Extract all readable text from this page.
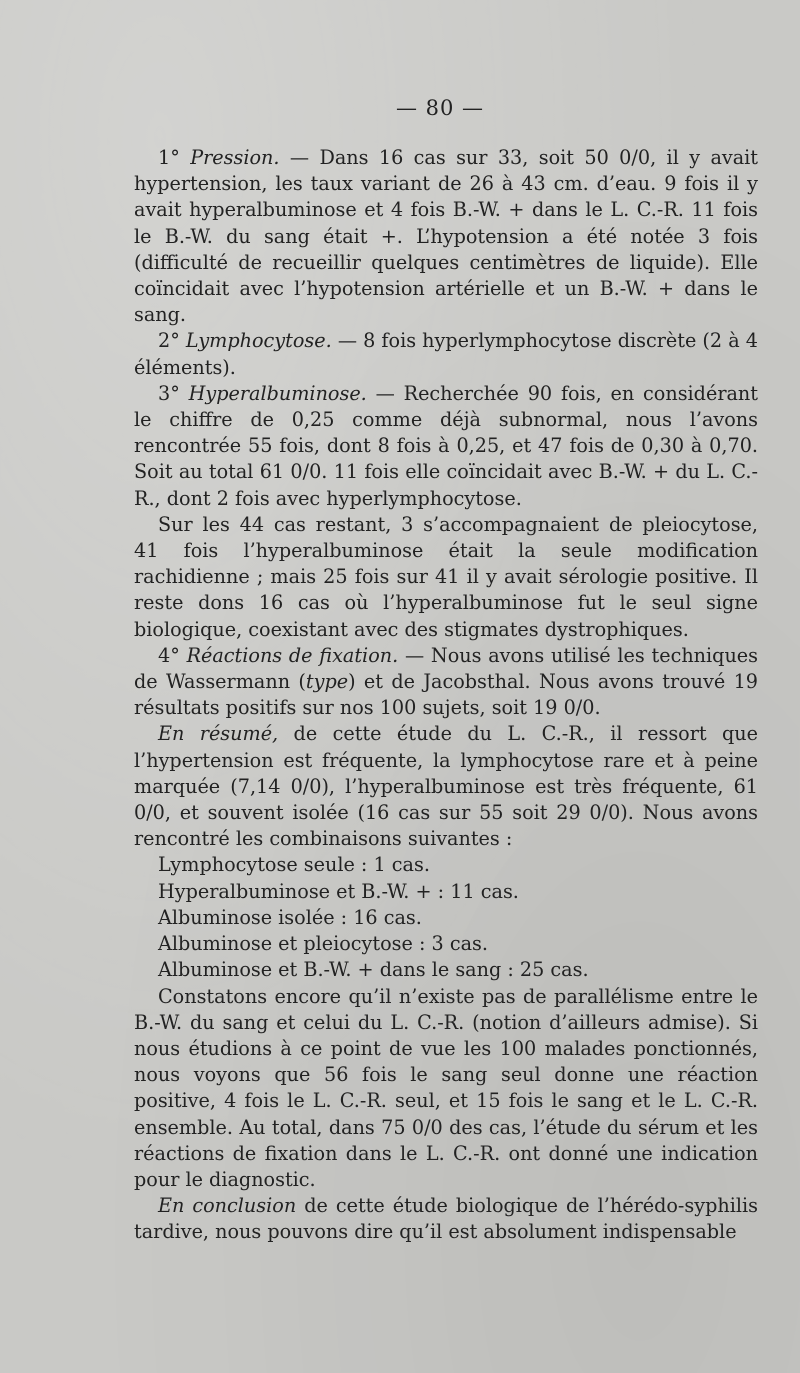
— 80 —

1° Pression. — Dans 16 cas sur 33, soit 50 0/0, il y avait hypertension, les taux variant de 26 à 43 cm. d’eau. 9 fois il y avait hyperalbuminose et 4 fois B.-W. + dans le L. C.-R. 11 fois le B.-W. du sang était +. L’hypotension a été notée 3 fois (difficulté de recueillir quelques centimètres de liquide). Elle coïncidait avec l’hypotension artérielle et un B.-W. + dans le sang.

2° Lymphocytose. — 8 fois hyperlymphocytose discrète (2 à 4 éléments).

3° Hyperalbuminose. — Recherchée 90 fois, en considérant le chiffre de 0,25 comme déjà subnormal, nous l’avons rencontrée 55 fois, dont 8 fois à 0,25, et 47 fois de 0,30 à 0,70. Soit au total 61 0/0. 11 fois elle coïncidait avec B.-W. + du L. C.-R., dont 2 fois avec hyperlymphocytose.

Sur les 44 cas restant, 3 s’accompagnaient de pleiocytose, 41 fois l’hyperalbuminose était la seule modification rachidienne ; mais 25 fois sur 41 il y avait sérologie positive. Il reste dons 16 cas où l’hyperalbuminose fut le seul signe biologique, coexistant avec des stigmates dystrophiques.

4° Réactions de fixation. — Nous avons utilisé les techniques de Wassermann (type) et de Jacobsthal. Nous avons trouvé 19 résultats positifs sur nos 100 sujets, soit 19 0/0.

En résumé, de cette étude du L. C.-R., il ressort que l’hypertension est fréquente, la lymphocytose rare et à peine marquée (7,14 0/0), l’hyperalbuminose est très fréquente, 61 0/0, et souvent isolée (16 cas sur 55 soit 29 0/0). Nous avons rencontré les combinaisons suivantes :

Lymphocytose seule : 1 cas.
Hyperalbuminose et B.-W. + : 11 cas.
Albuminose isolée : 16 cas.
Albuminose et pleiocytose : 3 cas.
Albuminose et B.-W. + dans le sang : 25 cas.

Constatons encore qu’il n’existe pas de parallélisme entre le B.-W. du sang et celui du L. C.-R. (notion d’ailleurs admise). Si nous étudions à ce point de vue les 100 malades ponctionnés, nous voyons que 56 fois le sang seul donne une réaction positive, 4 fois le L. C.-R. seul, et 15 fois le sang et le L. C.-R. ensemble. Au total, dans 75 0/0 des cas, l’étude du sérum et les réactions de fixation dans le L. C.-R. ont donné une indication pour le diagnostic.

En conclusion de cette étude biologique de l’hérédo-syphilis tardive, nous pouvons dire qu’il est absolument indispensable
